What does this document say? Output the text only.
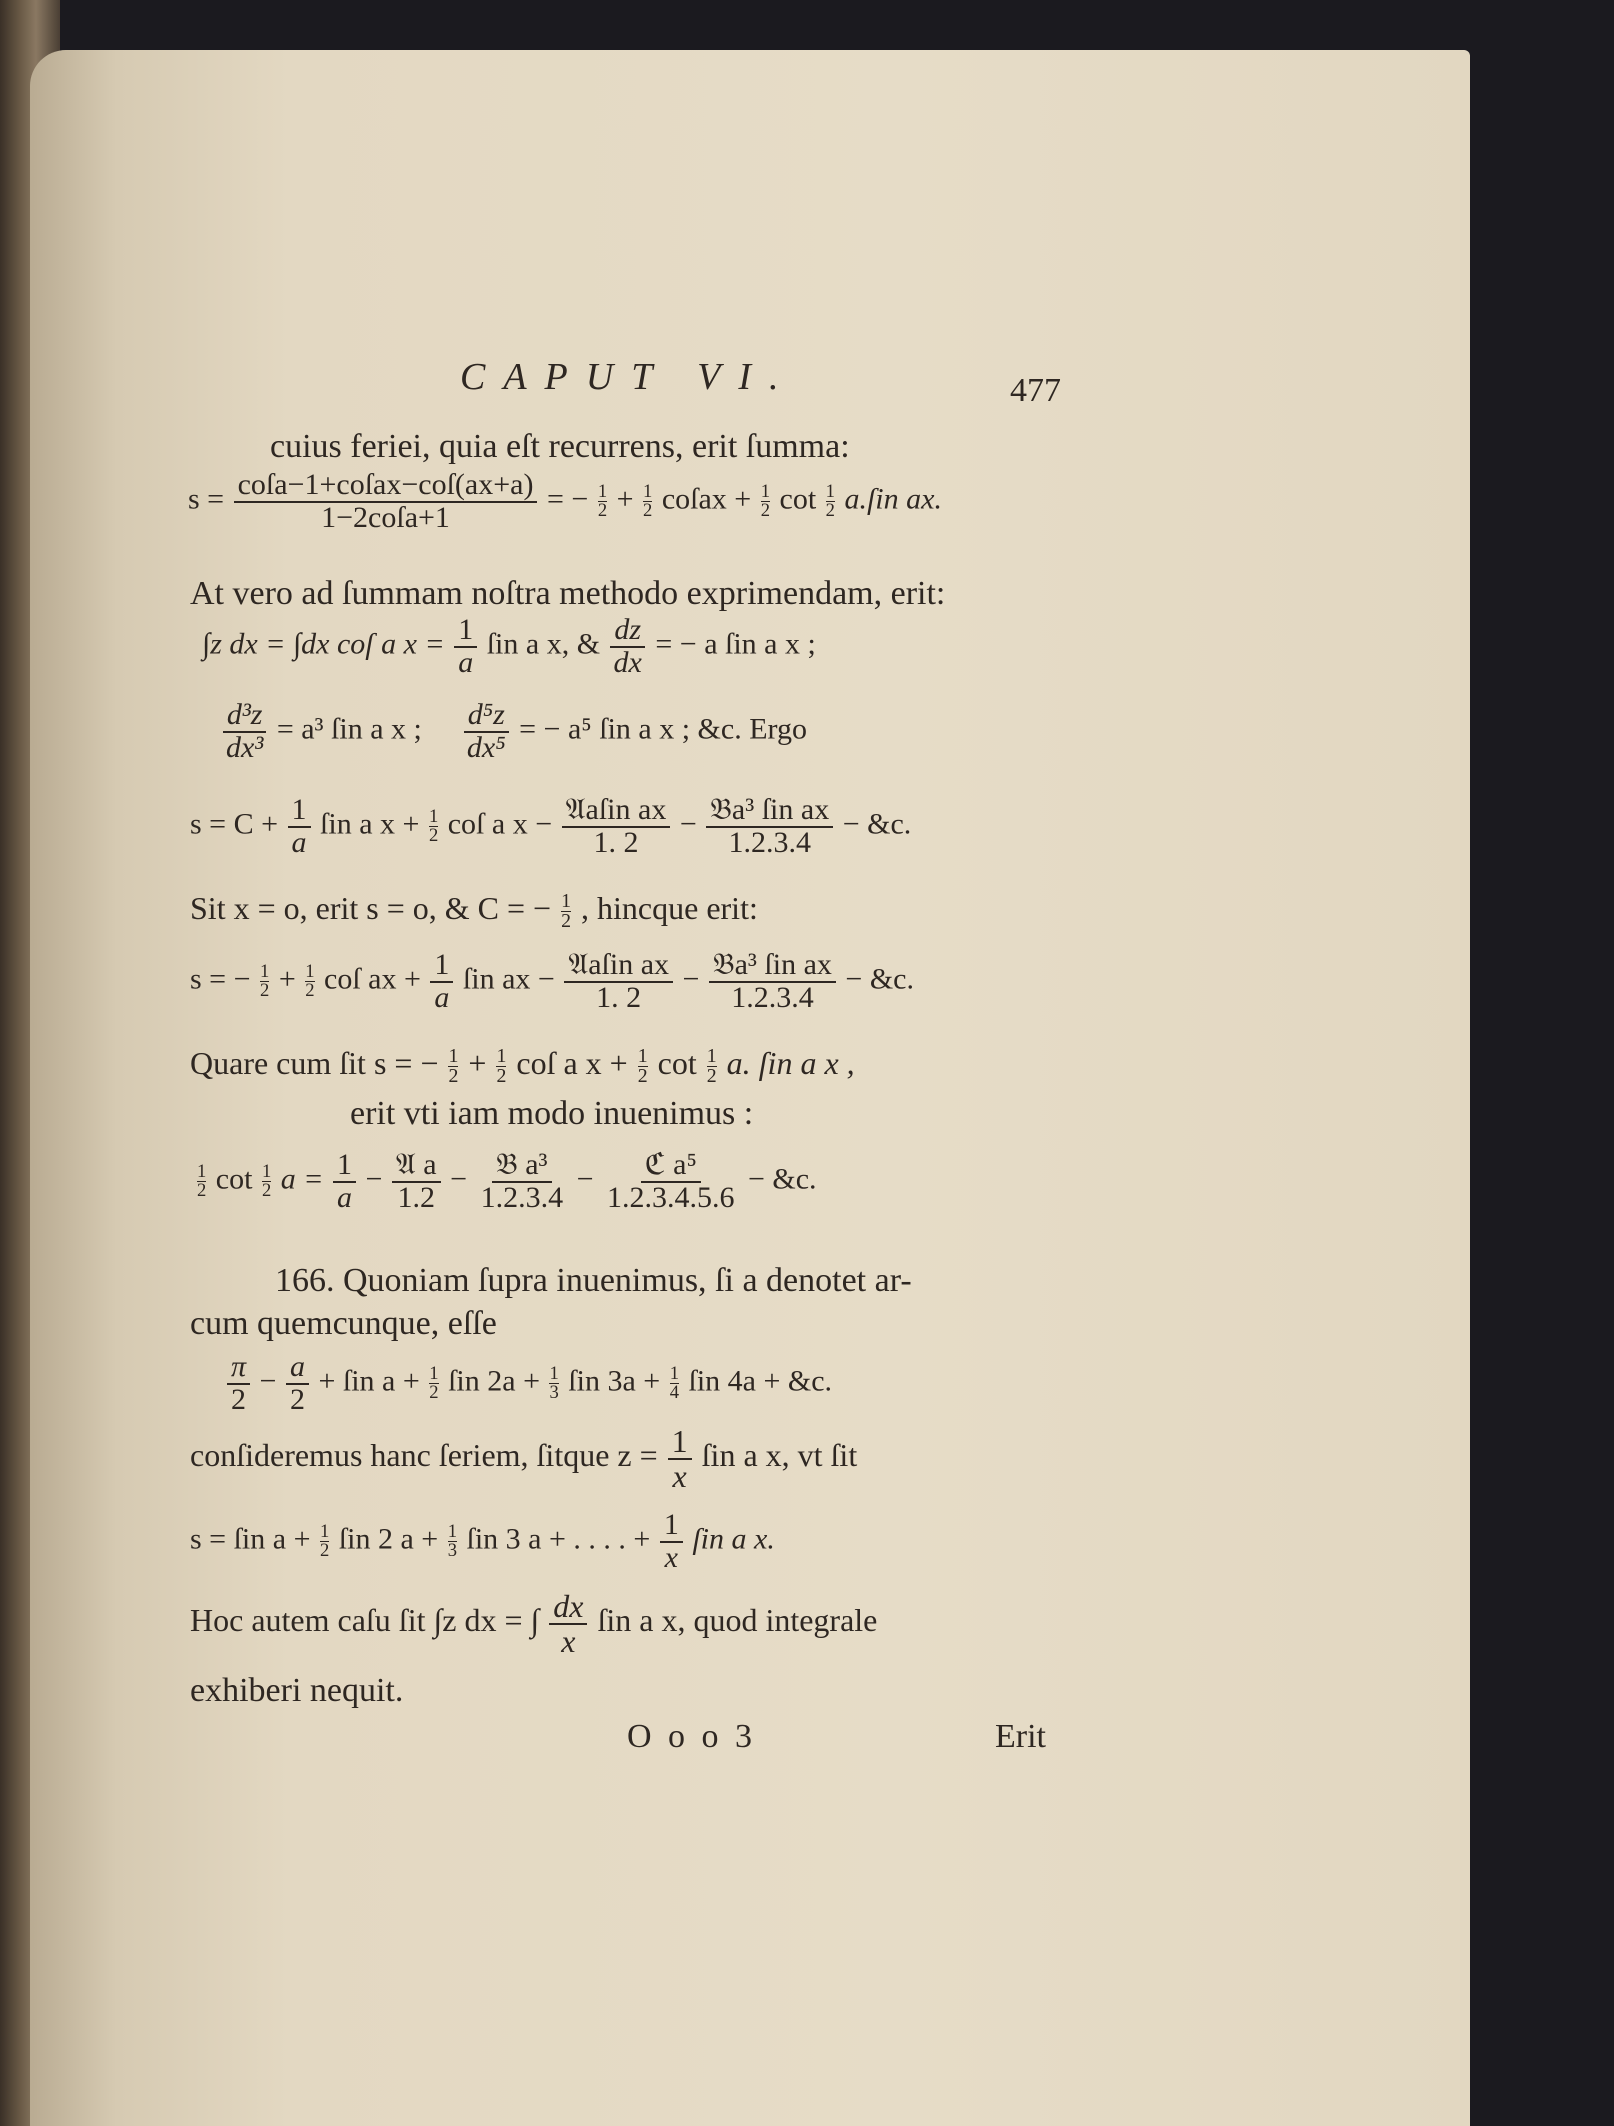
CAPUT VI.	477
cuius feriei, quia eſt recurrens, erit ſumma:
$s = \frac{\text{coſa−1+coſax−coſ(ax+a)}}{\text{1−2coſa+1}}$ = − $\frac{1}{2} + \frac{1}{2}$ coſax + $\frac{1}{2}$ $\cot \frac{1}{2}$ a.ſin ax.
At vero ad ſummam noſtra methodo exprimendam, erit:
∫z dx = ∫dx coſ a $x = \frac{1}{a}$ ſin a x, & $\frac{dz}{dx}$ = − a ſin a x ;
$\frac{\text{d³z}}{\text{dx³}} = a^3$ ſin a x ; $\frac{\text{d⁵z}}{\text{dx⁵}}$ = − a⁵ ſin a x ; &c. Ergo
$s = C + \frac{1}{a}$ ſin a $x + \frac{1}{2}$ coſ a $x - \frac{\text{𝔄aſin ax}}{1. 2} - \frac{\text{𝔅a³ ſin ax}}{1.2.3.4}$ − &c.
Sit x = o, erit s = o, & C = − $\frac{1}{2}$ , hincque erit:
s = − $\frac{1}{2} + \frac{1}{2}$ coſ ax + $\frac{1}{a}$ ſin ax − $\frac{\text{𝔄aſin ax}}{1. 2} - \frac{\text{𝔅a³ ſin ax}}{1.2.3.4}$ − &c.
Quare cum ſit s = − $\frac{1}{2} + \frac{1}{2}$ coſ a $x + \frac{1}{2}$ $\cot \frac{1}{2} a$. ſin a x ,
erit vti iam modo inuenimus :
$\frac{1}{2}$ $\cot \frac{1}{2}$ $a = \frac{1}{a} - \frac{\text{𝔄 a}}{1.2} - \frac{\text{𝔅 a³}}{1.2.3.4} - \frac{\text{ℭ a⁵}}{1.2.3.4.5.6}$ − &c.
166. Quoniam ſupra inuenimus, ſi a denotet ar-
cum quemcunque, eſſe
$\frac{\pi}{2} - \frac{a}{2}$ + ſin $a + \frac{1}{2}$ ſin $2a + \frac{1}{3}$ ſin $3a + \frac{1}{4}$ ſin 4a + &c.
conſideremus hanc ſeriem, ſitque $z = \frac{1}{x}$ ſin a x, vt ſit
s = ſin $a + \frac{1}{2}$ ſin 2 $a + \frac{1}{3}$ ſin 3 a + . . . . + $\frac{1}{x}$ ſin a x.
Hoc autem caſu ſit ∫z dx = ∫ $\frac{dx}{x}$ ſin a x, quod integrale
exhiberi nequit.
O o o 3	Erit
